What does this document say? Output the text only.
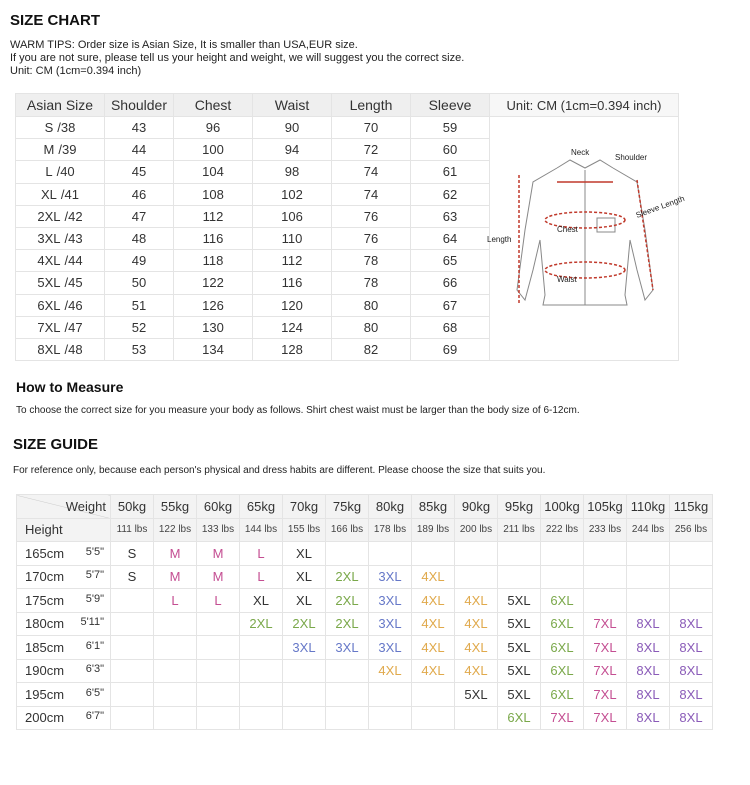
SIZE CHART
WARM TIPS: Order size is Asian Size, It is smaller than USA,EUR size.
If you are not sure, please tell us your height and weight, we will suggest you the correct size.
Unit: CM (1cm=0.394 inch)
Asian Size	Shoulder	Chest	Waist	Length	Sleeve	Unit: CM (1cm=0.394 inch)
S /38	43	96	90	70	59	
M /39	44	100	94	72	60	
L /40	45	104	98	74	61	
XL /41	46	108	102	74	62	
2XL /42	47	112	106	76	63	
3XL /43	48	116	110	76	64	
4XL /44	49	118	112	78	65	
5XL /45	50	122	116	78	66	
6XL /46	51	126	120	80	67	
7XL /47	52	130	124	80	68	
8XL /48	53	134	128	82	69	
Neck
Shoulder
Chest
Length
Waist
Sleeve Length
How to Measure
To choose the correct size for you measure your body as follows. Shirt chest waist must be larger than the body size of 6-12cm.
SIZE GUIDE
For reference only, because each person's physical and dress habits are different. Please choose the size that suits you.
Weight	50kg	55kg	60kg	65kg	70kg	75kg	80kg	85kg	90kg	95kg	100kg	105kg	110kg	115kg
Height	111 lbs	122 lbs	133 lbs	144 lbs	155 lbs	166 lbs	178 lbs	189 lbs	200 lbs	211 lbs	222 lbs	233 lbs	244 lbs	256 lbs

165cm 5'5"	S	M	M	L	XL									

170cm 5'7"	S	M	M	L	XL	2XL	3XL	4XL						

175cm 5'9"		L	L	XL	XL	2XL	3XL	4XL	4XL	5XL	6XL			

180cm 5'11"				2XL	2XL	2XL	3XL	4XL	4XL	5XL	6XL	7XL	8XL	8XL

185cm 6'1"					3XL	3XL	3XL	4XL	4XL	5XL	6XL	7XL	8XL	8XL

190cm 6'3"							4XL	4XL	4XL	5XL	6XL	7XL	8XL	8XL

195cm 6'5"									5XL	5XL	6XL	7XL	8XL	8XL

200cm 6'7"										6XL	7XL	7XL	8XL	8XL
